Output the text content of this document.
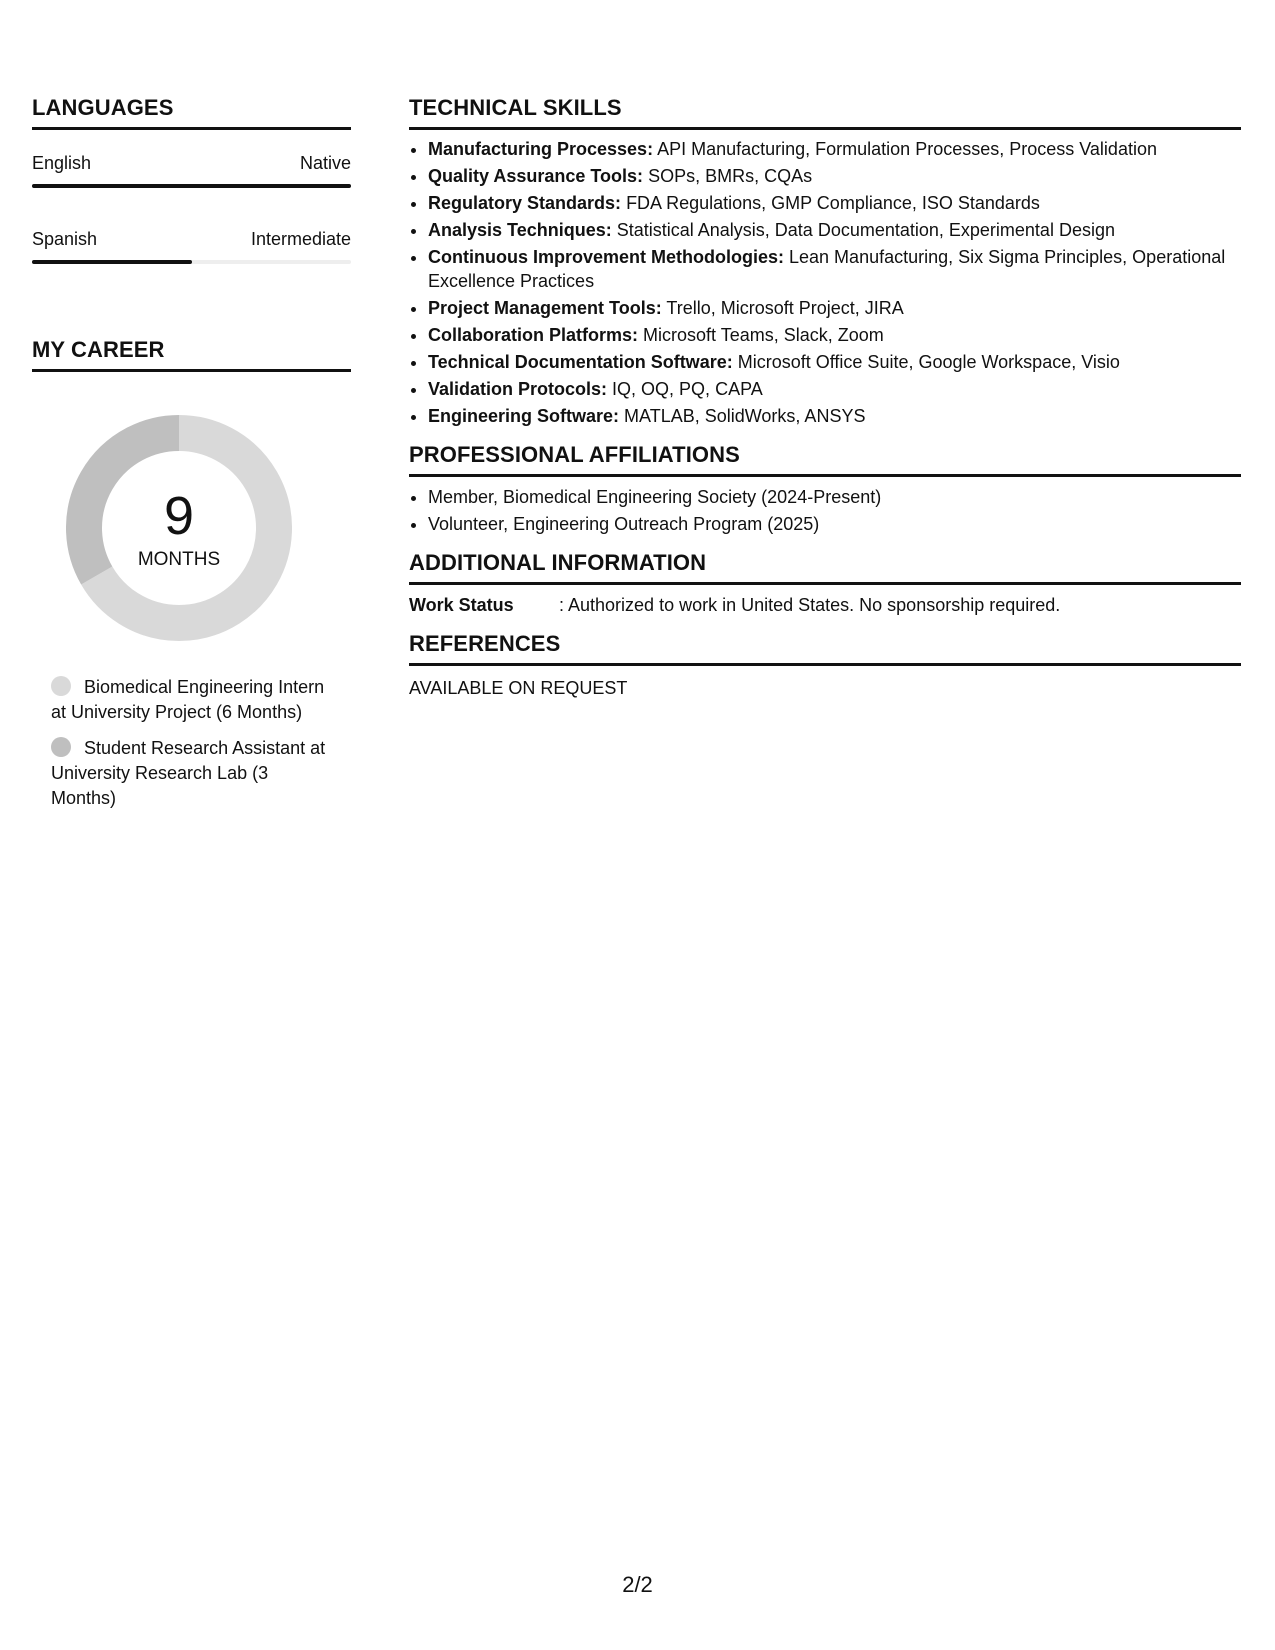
LANGUAGES
English	Native
Spanish	Intermediate
MY CAREER
9
MONTHS
Biomedical Engineering Intern at University Project (6 Months)
Student Research Assistant at University Research Lab (3 Months)
TECHNICAL SKILLS
• Manufacturing Processes: API Manufacturing, Formulation Processes, Process Validation
• Quality Assurance Tools: SOPs, BMRs, CQAs
• Regulatory Standards: FDA Regulations, GMP Compliance, ISO Standards
• Analysis Techniques: Statistical Analysis, Data Documentation, Experimental Design
• Continuous Improvement Methodologies: Lean Manufacturing, Six Sigma Principles, Operational Excellence Practices
• Project Management Tools: Trello, Microsoft Project, JIRA
• Collaboration Platforms: Microsoft Teams, Slack, Zoom
• Technical Documentation Software: Microsoft Office Suite, Google Workspace, Visio
• Validation Protocols: IQ, OQ, PQ, CAPA
• Engineering Software: MATLAB, SolidWorks, ANSYS
PROFESSIONAL AFFILIATIONS
• Member, Biomedical Engineering Society (2024-Present)
• Volunteer, Engineering Outreach Program (2025)
ADDITIONAL INFORMATION
Work Status	: Authorized to work in United States. No sponsorship required.
REFERENCES
AVAILABLE ON REQUEST
2/2
